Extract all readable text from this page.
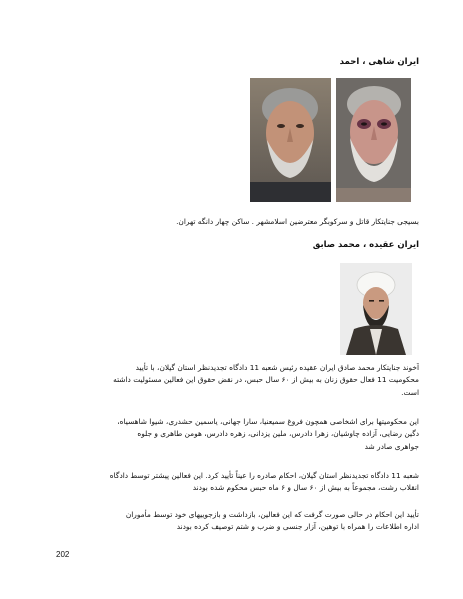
ایران شاهی ، احمد
بسیجی جنایتکار قاتل و سرکوبگر معترضین اسلامشهر . ساکن چهار دانگه تهران.
ایران عقیده ، محمد صابق
آخوند جنایتکار محمد صادق ایران عقیده رئیس شعبه 11 دادگاه تجدیدنظر استان گیلان، با تأیید
محکومیت 11 فعال حقوق زنان به بیش از ۶۰ سال حبس، در نقض حقوق این فعالین مسئولیت داشته
است.
این محکومیتها برای اشخاصی همچون فروغ سمیعنیا، سارا جهانی، یاسمین حشدری، شیوا شاهسیاه،
دگین رضایی، آزاده چاوشیان، زهرا دادرس، ملین یزدانی، زهره دادرس، هومن طاهری و جلوه
جواهری صادر شد
شعبه 11 دادگاه تجدیدنظر استان گیلان، احکام صادره را عیناً تأیید کرد. این فعالین پیشتر توسط دادگاه
انقلاب رشت، مجموعاً به بیش از ۶۰ سال و ۶ ماه حبس محکوم شده بودند
تأیید این احکام در حالی صورت گرفت که این فعالین، بازداشت و بازجوییهای خود توسط مأموران
اداره اطلاعات را همراه با توهین، آزار جنسی و ضرب و شتم توصیف کرده بودند
202
